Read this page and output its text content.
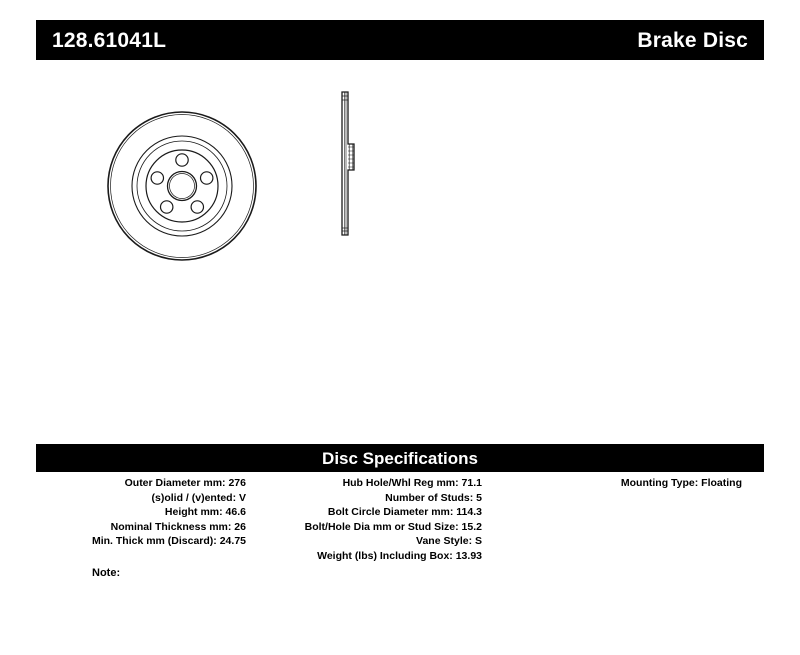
128.61041L	Brake Disc
Disc Specifications
Outer Diameter mm: 276
(s)olid / (v)ented: V
Height mm: 46.6
Nominal Thickness mm: 26
Min. Thick mm (Discard): 24.75
Hub Hole/Whl Reg mm: 71.1
Number of Studs: 5
Bolt Circle Diameter mm: 114.3
Bolt/Hole Dia mm or Stud Size: 15.2
Vane Style: S
Weight (lbs) Including Box: 13.93
Mounting Type: Floating
Note:
